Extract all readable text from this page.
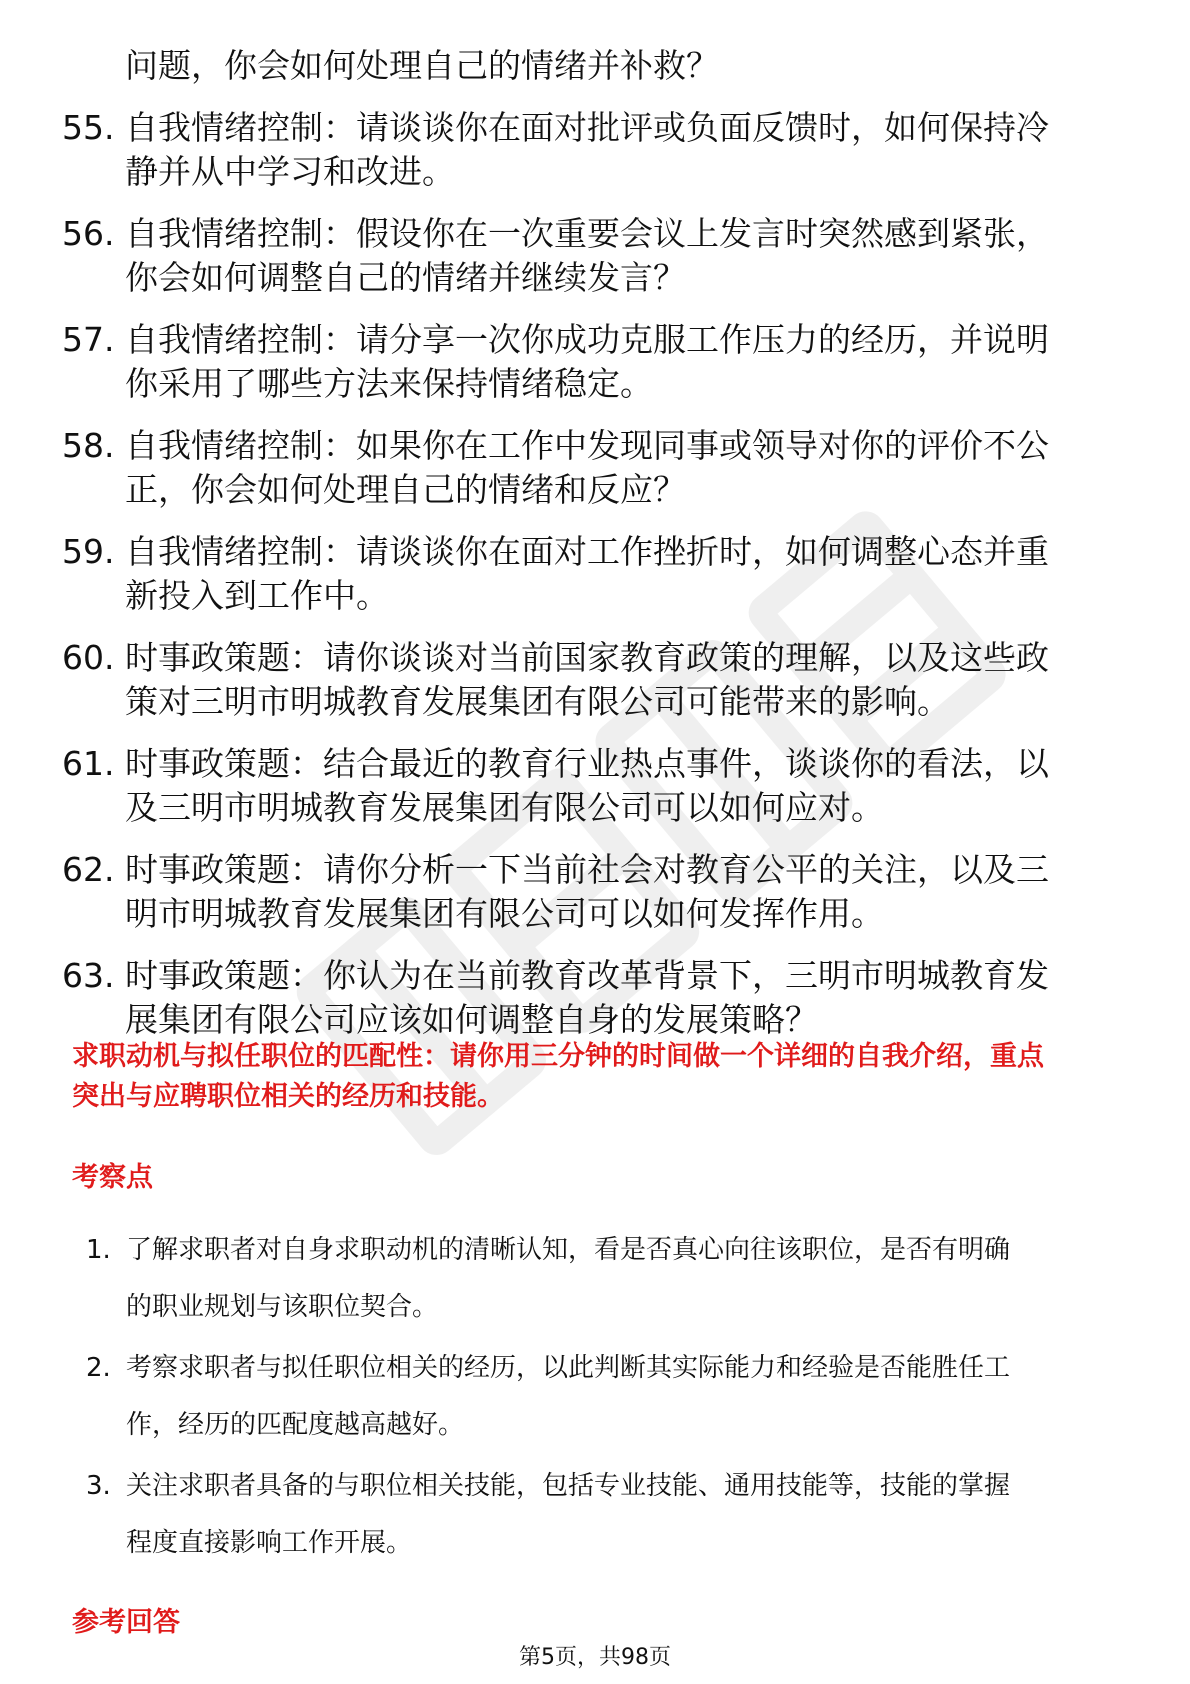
问题，你会如何处理自己的情绪并补救？
55. 自我情绪控制：请谈谈你在面对批评或负面反馈时，如何保持冷
静并从中学习和改进。
56. 自我情绪控制：假设你在一次重要会议上发言时突然感到紧张，
你会如何调整自己的情绪并继续发言？
57. 自我情绪控制：请分享一次你成功克服工作压力的经历，并说明
你采用了哪些方法来保持情绪稳定。
58. 自我情绪控制：如果你在工作中发现同事或领导对你的评价不公
正，你会如何处理自己的情绪和反应？
59. 自我情绪控制：请谈谈你在面对工作挫折时，如何调整心态并重
新投入到工作中。
60. 时事政策题：请你谈谈对当前国家教育政策的理解，以及这些政
策对三明市明城教育发展集团有限公司可能带来的影响。
61. 时事政策题：结合最近的教育行业热点事件，谈谈你的看法，以
及三明市明城教育发展集团有限公司可以如何应对。
62. 时事政策题：请你分析一下当前社会对教育公平的关注，以及三
明市明城教育发展集团有限公司可以如何发挥作用。
63. 时事政策题：你认为在当前教育改革背景下，三明市明城教育发
展集团有限公司应该如何调整自身的发展策略？
求职动机与拟任职位的匹配性：请你用三分钟的时间做一个详细的自我介绍，重点
突出与应聘职位相关的经历和技能。
考察点
1. 了解求职者对自身求职动机的清晰认知，看是否真心向往该职位，是否有明确
的职业规划与该职位契合。
2. 考察求职者与拟任职位相关的经历，以此判断其实际能力和经验是否能胜任工
作，经历的匹配度越高越好。
3. 关注求职者具备的与职位相关技能，包括专业技能、通用技能等，技能的掌握
程度直接影响工作开展。
参考回答
第5页，共98页
